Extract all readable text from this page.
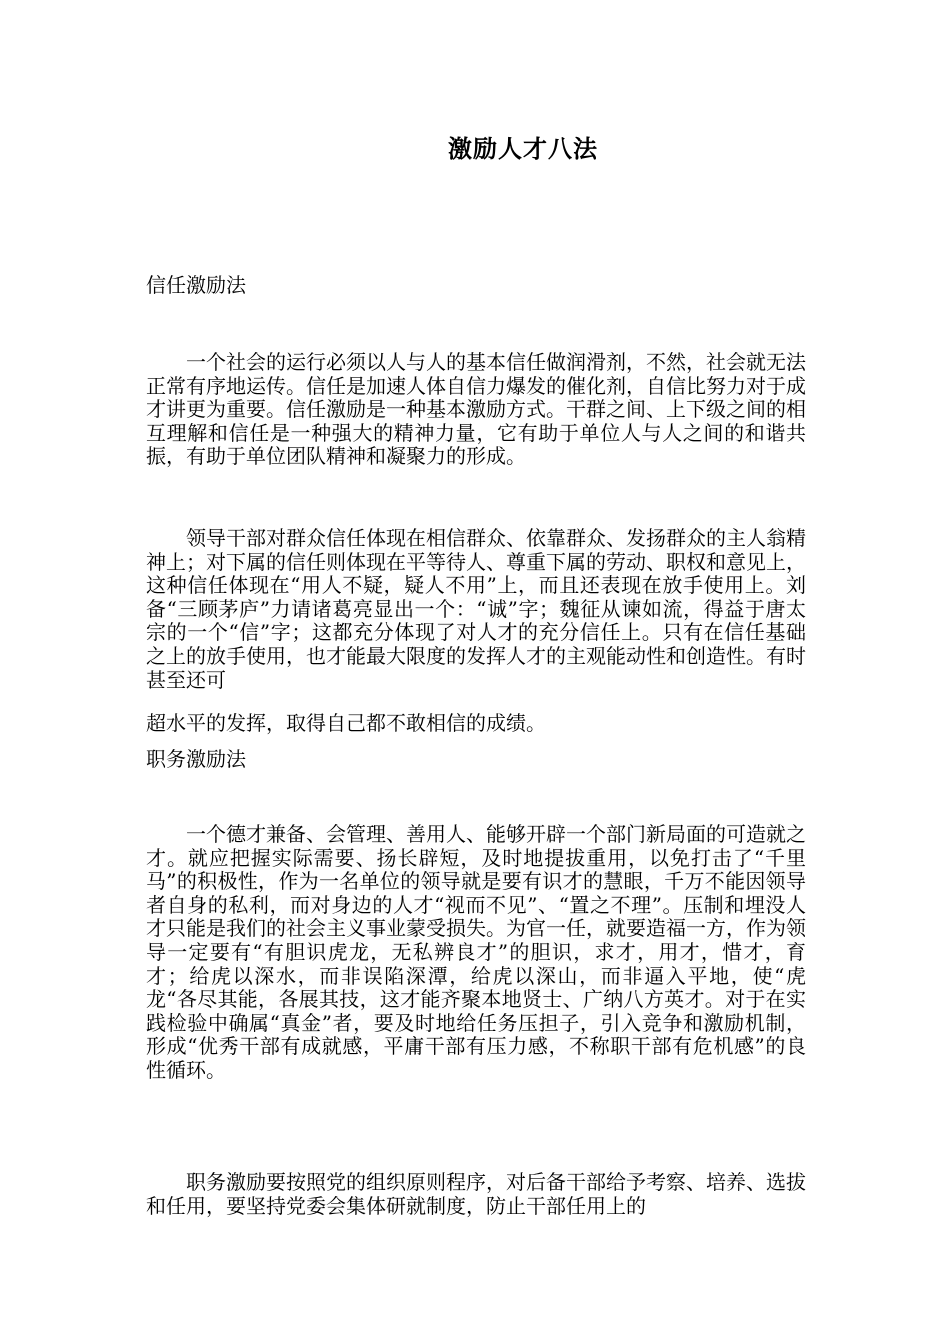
激励人才八法
信任激励法

一个社会的运行必须以人与人的基本信任做润滑剂，不然，社会就无法正常有序地运传。信任是加速人体自信力爆发的催化剂，自信比努力对于成才讲更为重要。信任激励是一种基本激励方式。干群之间、上下级之间的相互理解和信任是一种强大的精神力量，它有助于单位人与人之间的和谐共振，有助于单位团队精神和凝聚力的形成。

领导干部对群众信任体现在相信群众、依靠群众、发扬群众的主人翁精神上；对下属的信任则体现在平等待人、尊重下属的劳动、职权和意见上，这种信任体现在“用人不疑，疑人不用”上，而且还表现在放手使用上。刘备“三顾茅庐”力请诸葛亮显出一个：“诚”字；魏征从谏如流，得益于唐太宗的一个“信”字；这都充分体现了对人才的充分信任上。只有在信任基础之上的放手使用，也才能最大限度的发挥人才的主观能动性和创造性。有时甚至还可

超水平的发挥，取得自己都不敢相信的成绩。

职务激励法

一个德才兼备、会管理、善用人、能够开辟一个部门新局面的可造就之才。就应把握实际需要、扬长辟短，及时地提拔重用，以免打击了“千里马”的积极性，作为一名单位的领导就是要有识才的慧眼，千万不能因领导者自身的私利，而对身边的人才“视而不见”、“置之不理”。压制和埋没人才只能是我们的社会主义事业蒙受损失。为官一任，就要造福一方，作为领导一定要有“有胆识虎龙，无私辨良才”的胆识，求才，用才，惜才，育才；给虎以深水，而非误陷深潭，给虎以深山，而非逼入平地，使“虎龙“各尽其能，各展其技，这才能齐聚本地贤士、广纳八方英才。对于在实践检验中确属“真金”者，要及时地给任务压担子，引入竞争和激励机制，形成“优秀干部有成就感，平庸干部有压力感，不称职干部有危机感”的良性循环。

职务激励要按照党的组织原则程序，对后备干部给予考察、培养、选拔和任用，要坚持党委会集体研就制度，防止干部任用上的
